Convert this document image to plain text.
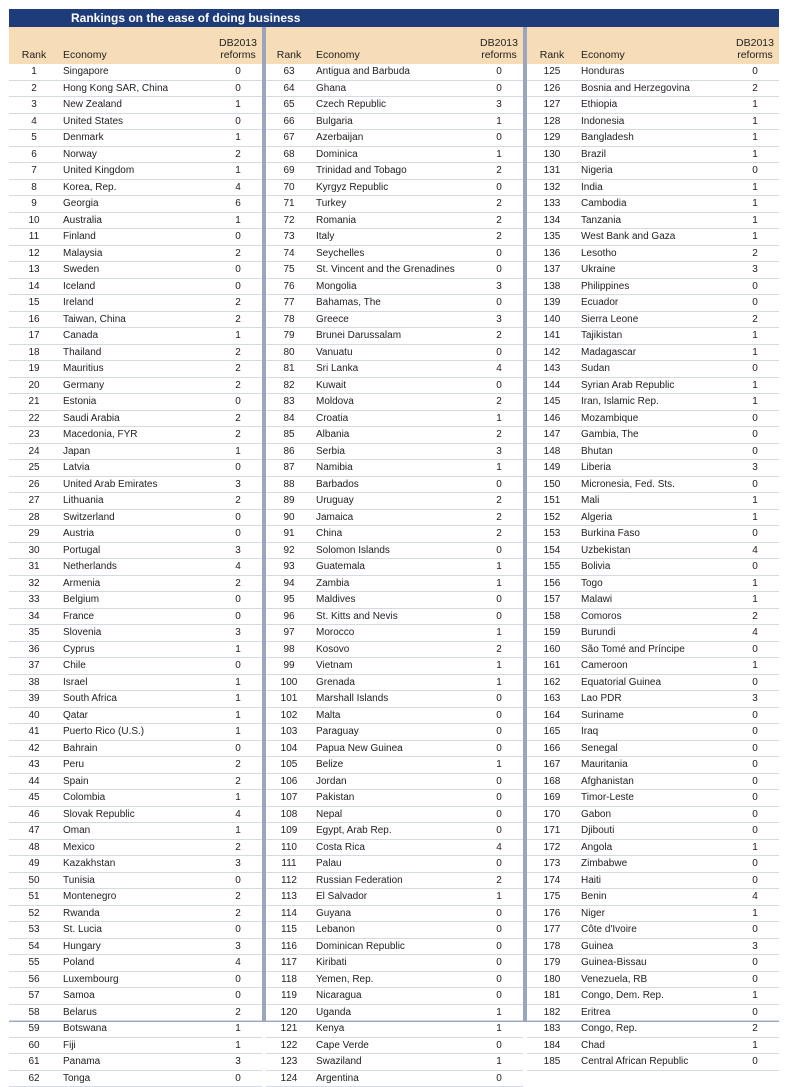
Rankings on the ease of doing business
Rank	Economy	DB2013
reforms
1	Singapore	0
2	Hong Kong SAR, China	0
3	New Zealand	1
4	United States	0
5	Denmark	1
6	Norway	2
7	United Kingdom	1
8	Korea, Rep.	4
9	Georgia	6
10	Australia	1
11	Finland	0
12	Malaysia	2
13	Sweden	0
14	Iceland	0
15	Ireland	2
16	Taiwan, China	2
17	Canada	1
18	Thailand	2
19	Mauritius	2
20	Germany	2
21	Estonia	0
22	Saudi Arabia	2
23	Macedonia, FYR	2
24	Japan	1
25	Latvia	0
26	United Arab Emirates	3
27	Lithuania	2
28	Switzerland	0
29	Austria	0
30	Portugal	3
31	Netherlands	4
32	Armenia	2
33	Belgium	0
34	France	0
35	Slovenia	3
36	Cyprus	1
37	Chile	0
38	Israel	1
39	South Africa	1
40	Qatar	1
41	Puerto Rico (U.S.)	1
42	Bahrain	0
43	Peru	2
44	Spain	2
45	Colombia	1
46	Slovak Republic	4
47	Oman	1
48	Mexico	2
49	Kazakhstan	3
50	Tunisia	0
51	Montenegro	2
52	Rwanda	2
53	St. Lucia	0
54	Hungary	3
55	Poland	4
56	Luxembourg	0
57	Samoa	0
58	Belarus	2
59	Botswana	1
60	Fiji	1
61	Panama	3
62	Tonga	0
Rank	Economy	DB2013
reforms
63	Antigua and Barbuda	0
64	Ghana	0
65	Czech Republic	3
66	Bulgaria	1
67	Azerbaijan	0
68	Dominica	1
69	Trinidad and Tobago	2
70	Kyrgyz Republic	0
71	Turkey	2
72	Romania	2
73	Italy	2
74	Seychelles	0
75	St. Vincent and the Grenadines	0
76	Mongolia	3
77	Bahamas, The	0
78	Greece	3
79	Brunei Darussalam	2
80	Vanuatu	0
81	Sri Lanka	4
82	Kuwait	0
83	Moldova	2
84	Croatia	1
85	Albania	2
86	Serbia	3
87	Namibia	1
88	Barbados	0
89	Uruguay	2
90	Jamaica	2
91	China	2
92	Solomon Islands	0
93	Guatemala	1
94	Zambia	1
95	Maldives	0
96	St. Kitts and Nevis	0
97	Morocco	1
98	Kosovo	2
99	Vietnam	1
100	Grenada	1
101	Marshall Islands	0
102	Malta	0
103	Paraguay	0
104	Papua New Guinea	0
105	Belize	1
106	Jordan	0
107	Pakistan	0
108	Nepal	0
109	Egypt, Arab Rep.	0
110	Costa Rica	4
111	Palau	0
112	Russian Federation	2
113	El Salvador	1
114	Guyana	0
115	Lebanon	0
116	Dominican Republic	0
117	Kiribati	0
118	Yemen, Rep.	0
119	Nicaragua	0
120	Uganda	1
121	Kenya	1
122	Cape Verde	0
123	Swaziland	1
124	Argentina	0
Rank	Economy	DB2013
reforms
125	Honduras	0
126	Bosnia and Herzegovina	2
127	Ethiopia	1
128	Indonesia	1
129	Bangladesh	1
130	Brazil	1
131	Nigeria	0
132	India	1
133	Cambodia	1
134	Tanzania	1
135	West Bank and Gaza	1
136	Lesotho	2
137	Ukraine	3
138	Philippines	0
139	Ecuador	0
140	Sierra Leone	2
141	Tajikistan	1
142	Madagascar	1
143	Sudan	0
144	Syrian Arab Republic	1
145	Iran, Islamic Rep.	1
146	Mozambique	0
147	Gambia, The	0
148	Bhutan	0
149	Liberia	3
150	Micronesia, Fed. Sts.	0
151	Mali	1
152	Algeria	1
153	Burkina Faso	0
154	Uzbekistan	4
155	Bolivia	0
156	Togo	1
157	Malawi	1
158	Comoros	2
159	Burundi	4
160	São Tomé and Príncipe	0
161	Cameroon	1
162	Equatorial Guinea	0
163	Lao PDR	3
164	Suriname	0
165	Iraq	0
166	Senegal	0
167	Mauritania	0
168	Afghanistan	0
169	Timor-Leste	0
170	Gabon	0
171	Djibouti	0
172	Angola	1
173	Zimbabwe	0
174	Haiti	0
175	Benin	4
176	Niger	1
177	Côte d'Ivoire	0
178	Guinea	3
179	Guinea-Bissau	0
180	Venezuela, RB	0
181	Congo, Dem. Rep.	1
182	Eritrea	0
183	Congo, Rep.	2
184	Chad	1
185	Central African Republic	0
